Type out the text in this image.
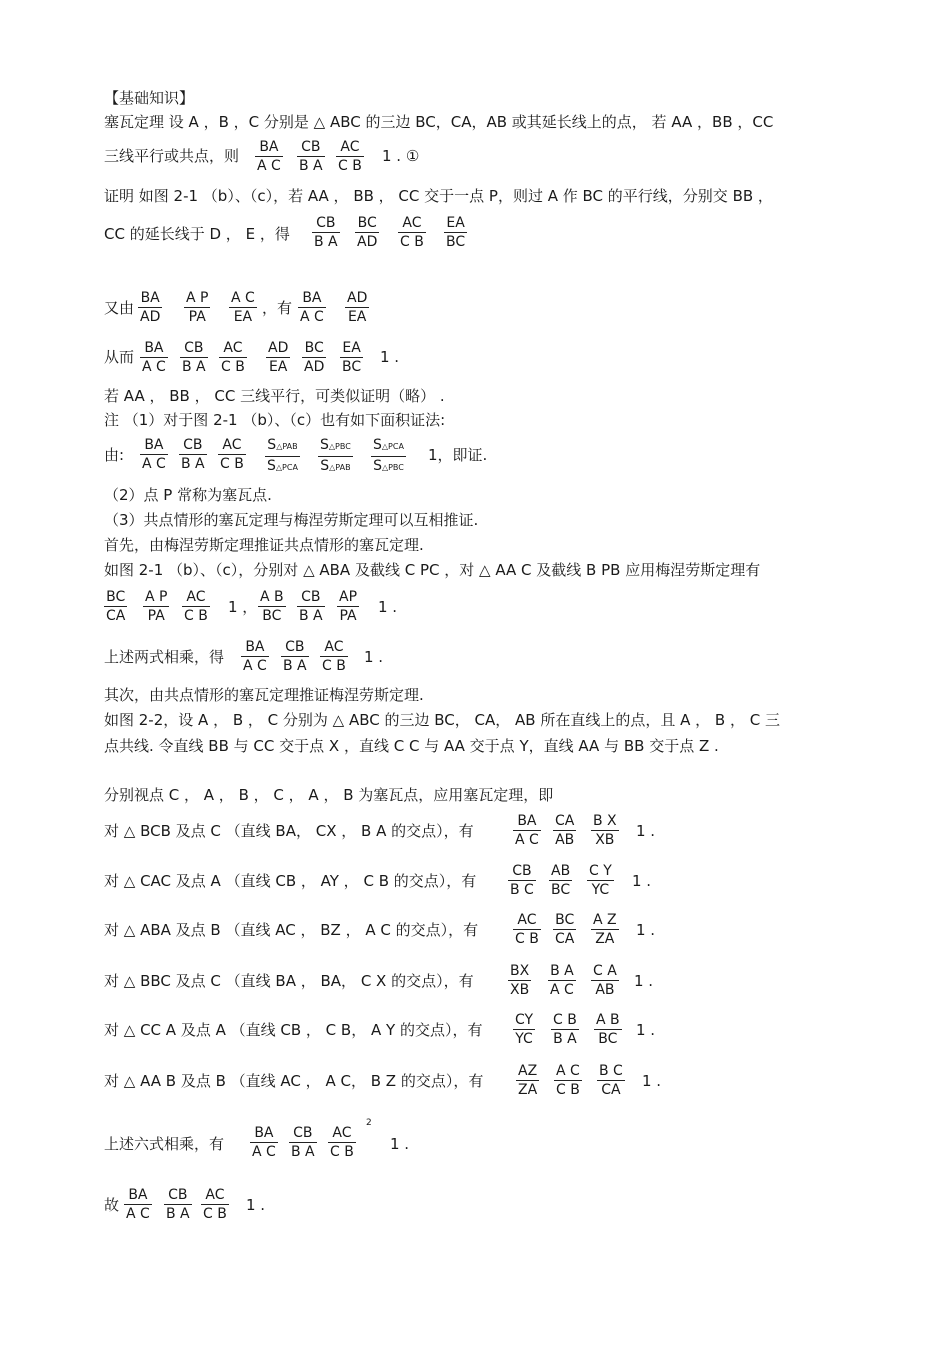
【基础知识】
塞瓦定理 设 A ，B ，C 分别是 △ ABC 的三边 BC，CA，AB 或其延长线上的点， 若 AA ，BB ，CC
三线平行或共点，则 $\frac{BA}{\text{A C}} \frac{CB}{\text{B A}} \frac{AC}{\text{C B}} 1$ . ①
证明 如图 2-1 （b）、（c），若 AA ， BB ， CC 交于一点 P，则过 A 作 BC 的平行线，分别交 BB ，
CC 的延长线于 D ， E ，得 $\frac{CB}{\text{B A}} \frac{BC}{AD} \frac{AC}{\text{C B}} \frac{EA}{BC}$
又由 $\frac{BA}{AD} \frac{\text{A P}}{PA} \frac{\text{A C}}{EA}$ ，有 $\frac{BA}{\text{A C}} \frac{AD}{EA}$
从而 $\frac{BA}{\text{A C}} \frac{CB}{\text{B A}} \frac{AC}{\text{C B}} \frac{AD}{EA} \frac{BC}{AD} \frac{EA}{BC} 1$ .
若 AA ， BB ， CC 三线平行，可类似证明（略） .
注 （1）对于图 2-1 （b）、（c）也有如下面积证法:
由: $\frac{BA}{\text{A C}} \frac{CB}{\text{B A}} \frac{AC}{\text{C B}}$ S△PAB
S△PCA
S△PBC
S△PAB
S△PCA
S△PBC
1，即证.
（2）点 P 常称为塞瓦点.
（3）共点情形的塞瓦定理与梅涅劳斯定理可以互相推证.
首先，由梅涅劳斯定理推证共点情形的塞瓦定理.
如图 2-1 （b）、（c），分别对 △ ABA 及截线 C PC ，对 △ AA C 及截线 B PB 应用梅涅劳斯定理有
$\frac{BC}{CA} \frac{\text{A P}}{PA} \frac{AC}{\text{C B}} 1$ ， $\frac{\text{A B}}{BC} \frac{CB}{\text{B A}} \frac{AP}{PA} 1$ .
上述两式相乘，得 $\frac{BA}{\text{A C}} \frac{CB}{\text{B A}} \frac{AC}{\text{C B}} 1$ .
其次，由共点情形的塞瓦定理推证梅涅劳斯定理.
如图 2-2，设 A ， B ， C 分别为 △ ABC 的三边 BC， CA， AB 所在直线上的点，且 A ， B ， C 三
点共线. 令直线 BB 与 CC 交于点 X ，直线 C C 与 AA 交于点 Y，直线 AA 与 BB 交于点 Z .
分别视点 C ， A ， B ， C ， A ， B 为塞瓦点，应用塞瓦定理，即
对 △ BCB 及点 C （直线 BA， CX ， B A 的交点），有	$\frac{BA}{\text{A C}} \frac{CA}{AB} \frac{\text{B X}}{XB} 1$ .
对 △ CAC 及点 A （直线 CB ， AY ， C B 的交点），有 $\frac{CB}{\text{B C}} \frac{AB}{BC} \frac{\text{C Y}}{YC} 1$ .
对 △ ABA 及点 B （直线 AC ， BZ ， A C 的交点），有 $\frac{AC}{\text{C B}} \frac{BC}{CA} \frac{\text{A Z}}{ZA} 1$ .
对 △ BBC 及点 C （直线 BA ， BA， C X 的交点），有 $\frac{BX}{XB} \frac{\text{B A}}{\text{A C}} \frac{\text{C A}}{AB} 1$ .
对 △ CC A 及点 A （直线 CB ， C B， A Y 的交点），有 $\frac{CY}{YC} \frac{\text{C B}}{\text{B A}} \frac{\text{A B}}{BC} 1$ .
对 △ AA B 及点 B （直线 AC ， A C， B Z 的交点），有 $\frac{AZ}{ZA} \frac{\text{A C}}{\text{C B}} \frac{\text{B C}}{CA} 1$ .
上述六式相乘，有 $\frac{BA}{\text{A C}} \frac{CB}{\text{B A}} \frac{AC}{\text{C B}}$
2
1 .
故 $\frac{BA}{\text{A C}} \frac{CB}{\text{B A}} \frac{AC}{\text{C B}} 1$ .
